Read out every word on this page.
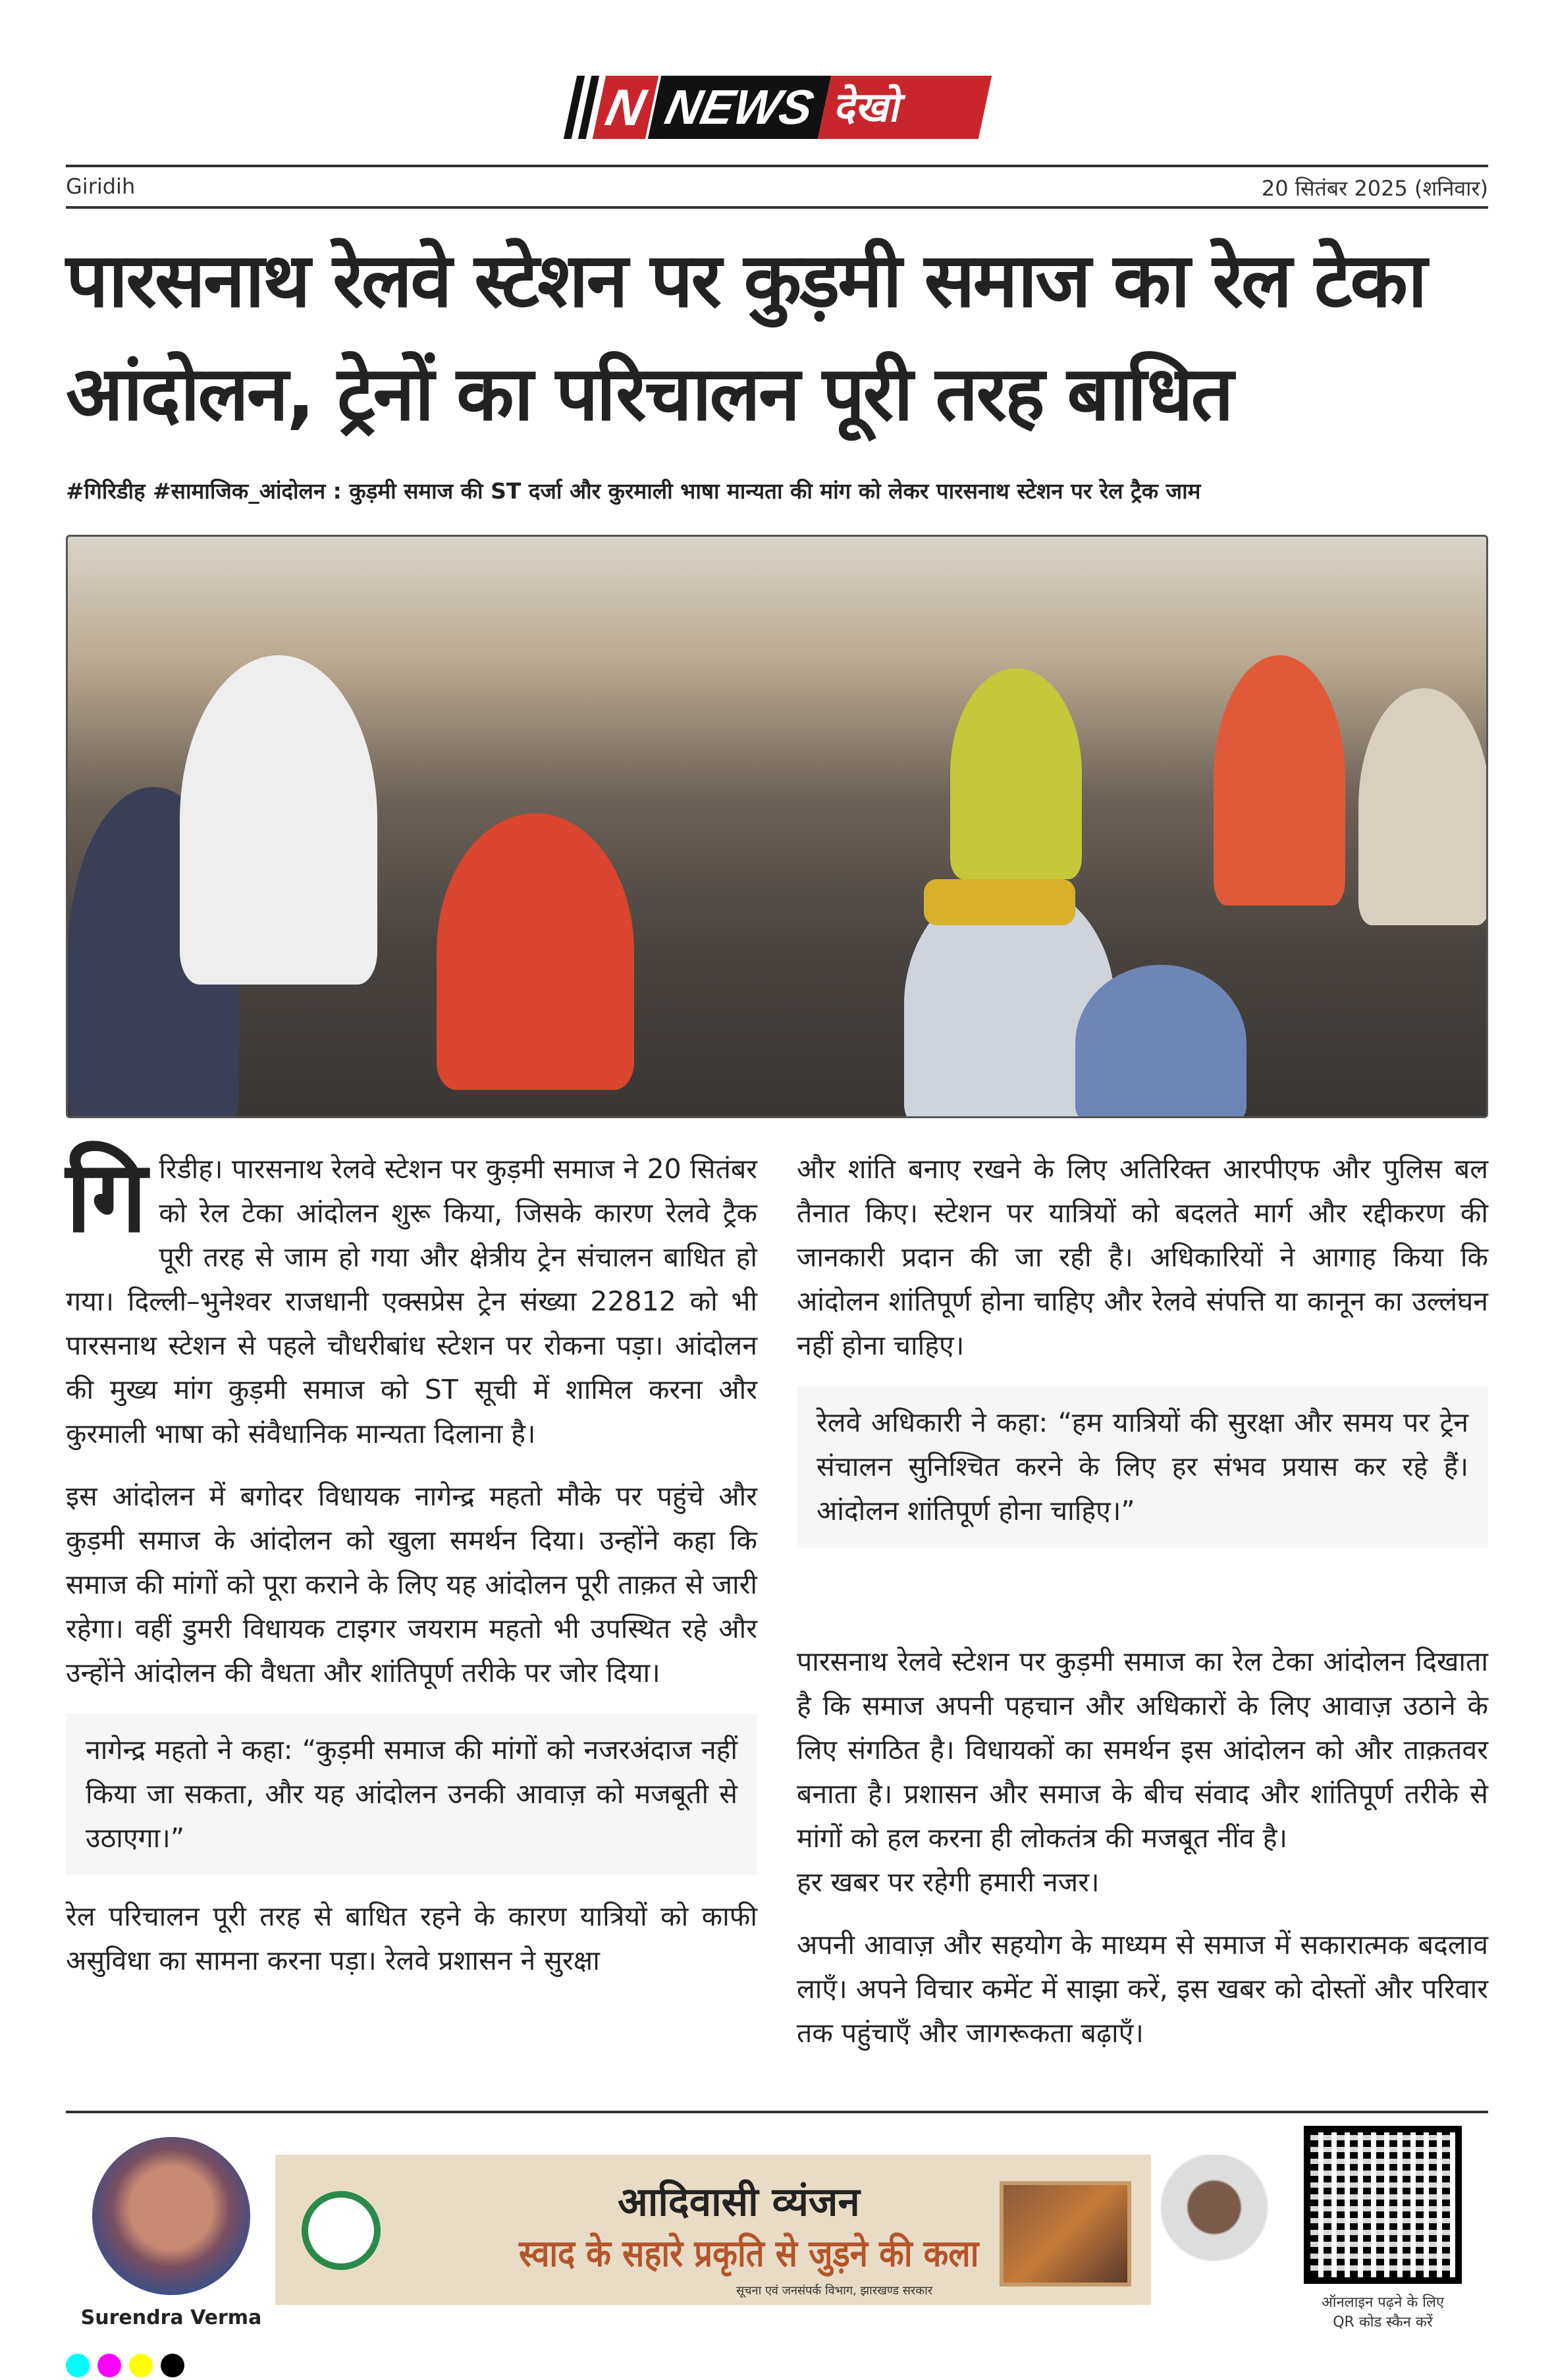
N NEWS देखो
Giridih	20 सितंबर 2025 (शनिवार)
पारसनाथ रेलवे स्टेशन पर कुड़मी समाज का रेल टेका आंदोलन, ट्रेनों का परिचालन पूरी तरह बाधित
#गिरिडीह #सामाजिक_आंदोलन : कुड़मी समाज की ST दर्जा और कुरमाली भाषा मान्यता की मांग को लेकर पारसनाथ स्टेशन पर रेल ट्रैक जाम

गिरिडीह। पारसनाथ रेलवे स्टेशन पर कुड़मी समाज ने 20 सितंबर को रेल टेका आंदोलन शुरू किया, जिसके कारण रेलवे ट्रैक पूरी तरह से जाम हो गया और क्षेत्रीय ट्रेन संचालन बाधित हो गया। दिल्ली–भुनेश्वर राजधानी एक्सप्रेस ट्रेन संख्या 22812 को भी पारसनाथ स्टेशन से पहले चौधरीबांध स्टेशन पर रोकना पड़ा। आंदोलन की मुख्य मांग कुड़मी समाज को ST सूची में शामिल करना और कुरमाली भाषा को संवैधानिक मान्यता दिलाना है।

इस आंदोलन में बगोदर विधायक नागेन्द्र महतो मौके पर पहुंचे और कुड़मी समाज के आंदोलन को खुला समर्थन दिया। उन्होंने कहा कि समाज की मांगों को पूरा कराने के लिए यह आंदोलन पूरी ताक़त से जारी रहेगा। वहीं डुमरी विधायक टाइगर जयराम महतो भी उपस्थित रहे और उन्होंने आंदोलन की वैधता और शांतिपूर्ण तरीके पर जोर दिया।

नागेन्द्र महतो ने कहा: “कुड़मी समाज की मांगों को नजरअंदाज नहीं किया जा सकता, और यह आंदोलन उनकी आवाज़ को मजबूती से उठाएगा।”

रेल परिचालन पूरी तरह से बाधित रहने के कारण यात्रियों को काफी असुविधा का सामना करना पड़ा। रेलवे प्रशासन ने सुरक्षा

और शांति बनाए रखने के लिए अतिरिक्त आरपीएफ और पुलिस बल तैनात किए। स्टेशन पर यात्रियों को बदलते मार्ग और रद्दीकरण की जानकारी प्रदान की जा रही है। अधिकारियों ने आगाह किया कि आंदोलन शांतिपूर्ण होना चाहिए और रेलवे संपत्ति या कानून का उल्लंघन नहीं होना चाहिए।

रेलवे अधिकारी ने कहा: “हम यात्रियों की सुरक्षा और समय पर ट्रेन संचालन सुनिश्चित करने के लिए हर संभव प्रयास कर रहे हैं। आंदोलन शांतिपूर्ण होना चाहिए।”

पारसनाथ रेलवे स्टेशन पर कुड़मी समाज का रेल टेका आंदोलन दिखाता है कि समाज अपनी पहचान और अधिकारों के लिए आवाज़ उठाने के लिए संगठित है। विधायकों का समर्थन इस आंदोलन को और ताक़तवर बनाता है। प्रशासन और समाज के बीच संवाद और शांतिपूर्ण तरीके से मांगों को हल करना ही लोकतंत्र की मजबूत नींव है।

हर खबर पर रहेगी हमारी नजर।

अपनी आवाज़ और सहयोग के माध्यम से समाज में सकारात्मक बदलाव लाएँ। अपने विचार कमेंट में साझा करें, इस खबर को दोस्तों और परिवार तक पहुंचाएँ और जागरूकता बढ़ाएँ।

Surendra Verma
आदिवासी व्यंजन
स्वाद के सहारे प्रकृति से जुड़ने की कला
सूचना एवं जनसंपर्क विभाग, झारखण्ड सरकार
ऑनलाइन पढ़ने के लिए
QR कोड स्कैन करें
